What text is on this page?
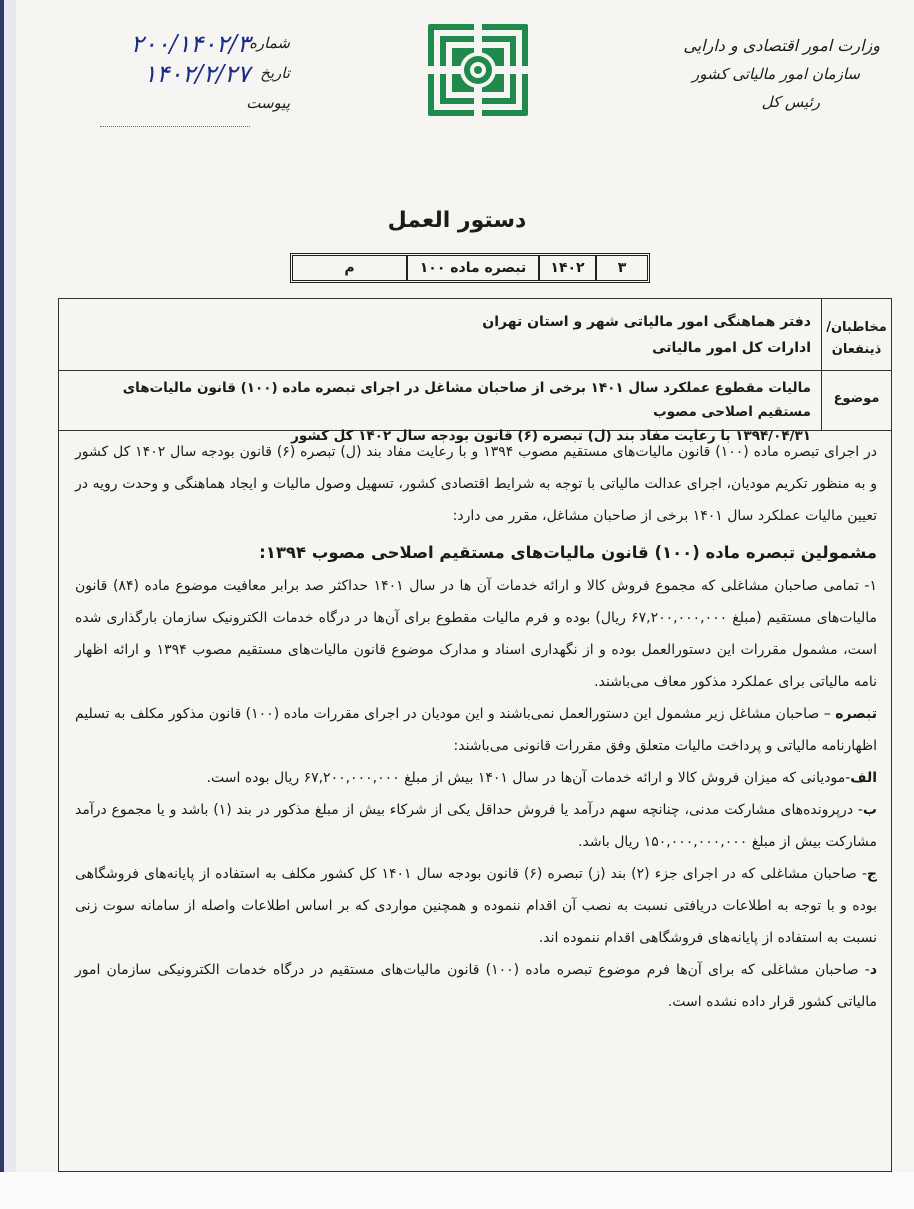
وزارت امور اقتصادی و دارایی
سازمان امور مالیاتی کشور
رئیس کل
شماره
۲۰۰/۱۴۰۲/۳
تاریخ
۱۴۰۲/۲/۲۷
پیوست
دستور العمل
۳
۱۴۰۲
تبصره ماده ۱۰۰
م
مخاطبان/ ذینفعان
دفتر هماهنگی امور مالیاتی شهر و استان تهران
ادارات کل امور مالیاتی
موضوع
مالیات مقطوع عملکرد سال ۱۴۰۱ برخی از صاحبان مشاغل در اجرای تبصره ماده (۱۰۰) قانون مالیات‌های مستقیم اصلاحی مصوب
۱۳۹۴/۰۴/۳۱ با رعایت مفاد بند (ل) تبصره (۶) قانون بودجه سال ۱۴۰۲ کل کشور
در اجرای تبصره ماده (۱۰۰) قانون مالیات‌های مستقیم مصوب ۱۳۹۴ و با رعایت مفاد بند (ل) تبصره (۶) قانون بودجه سال ۱۴۰۲ کل کشور و به منظور تکریم مودیان، اجرای عدالت مالیاتی با توجه به شرایط اقتصادی کشور، تسهیل وصول مالیات و ایجاد هماهنگی و وحدت رویه در تعیین مالیات عملکرد سال ۱۴۰۱ برخی از صاحبان مشاغل، مقرر می دارد:
مشمولین تبصره ماده (۱۰۰) قانون مالیات‌های مستقیم اصلاحی مصوب ۱۳۹۴:
۱- تمامی صاحبان مشاغلی که مجموع فروش کالا و ارائه خدمات آن ها در سال ۱۴۰۱ حداکثر صد برابر معافیت موضوع ماده (۸۴) قانون مالیات‌های مستقیم (مبلغ ۶۷,۲۰۰,۰۰۰,۰۰۰ ریال) بوده و فرم مالیات مقطوع برای آن‌ها در درگاه خدمات الکترونیک سازمان بارگذاری شده است، مشمول مقررات این دستورالعمل بوده و از نگهداری اسناد و مدارک موضوع قانون مالیات‌های مستقیم مصوب ۱۳۹۴ و ارائه اظهار نامه مالیاتی برای عملکرد مذکور معاف می‌باشند.
تبصره – صاحبان مشاغل زیر مشمول این دستورالعمل نمی‌باشند و این مودیان در اجرای مقررات ماده (۱۰۰) قانون مذکور مکلف به تسلیم اظهارنامه مالیاتی و پرداخت مالیات متعلق وفق مقررات قانونی می‌باشند:
الف-مودیانی که میزان فروش کالا و ارائه خدمات آن‌ها در سال ۱۴۰۱ بیش از مبلغ ۶۷,۲۰۰,۰۰۰,۰۰۰ ریال بوده است.
ب- درپرونده‌های مشارکت مدنی، چنانچه سهم درآمد یا فروش حداقل یکی از شرکاء بیش از مبلغ مذکور در بند (۱) باشد و یا مجموع درآمد مشارکت بیش از مبلغ ۱۵۰,۰۰۰,۰۰۰,۰۰۰ ریال باشد.
ج- صاحبان مشاغلی که در اجرای جزء (۲) بند (ز) تبصره (۶) قانون بودجه سال ۱۴۰۱ کل کشور مکلف به استفاده از پایانه‌های فروشگاهی بوده و با توجه به اطلاعات دریافتی نسبت به نصب آن اقدام ننموده و همچنین مواردی که بر اساس اطلاعات واصله از سامانه سوت زنی نسبت به استفاده از پایانه‌های فروشگاهی اقدام ننموده اند.
د- صاحبان مشاغلی که برای آن‌ها فرم موضوع تبصره ماده (۱۰۰) قانون مالیات‌های مستقیم در درگاه خدمات الکترونیکی سازمان امور مالیاتی کشور قرار داده نشده است.
